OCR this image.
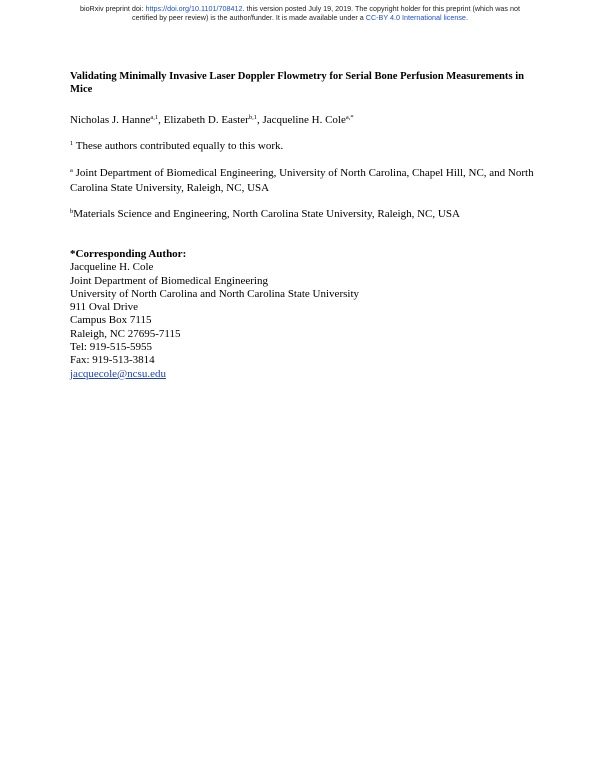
bioRxiv preprint doi: https://doi.org/10.1101/708412. this version posted July 19, 2019. The copyright holder for this preprint (which was not
certified by peer review) is the author/funder. It is made available under a CC-BY 4.0 International license.
Validating Minimally Invasive Laser Doppler Flowmetry for Serial Bone Perfusion Measurements in Mice
Nicholas J. Hanne$^{a,1}$, Elizabeth D. Easter$^{b,1}$, Jacqueline H. Cole$^{a,*}$
$^1$ These authors contributed equally to this work.
$^a$ Joint Department of Biomedical Engineering, University of North Carolina, Chapel Hill, NC, and North Carolina State University, Raleigh, NC, USA
$^b$Materials Science and Engineering, North Carolina State University, Raleigh, NC, USA
*Corresponding Author:
Jacqueline H. Cole
Joint Department of Biomedical Engineering
University of North Carolina and North Carolina State University
911 Oval Drive
Campus Box 7115
Raleigh, NC 27695-7115
Tel: 919-515-5955
Fax: 919-513-3814
jacquecole@ncsu.edu
